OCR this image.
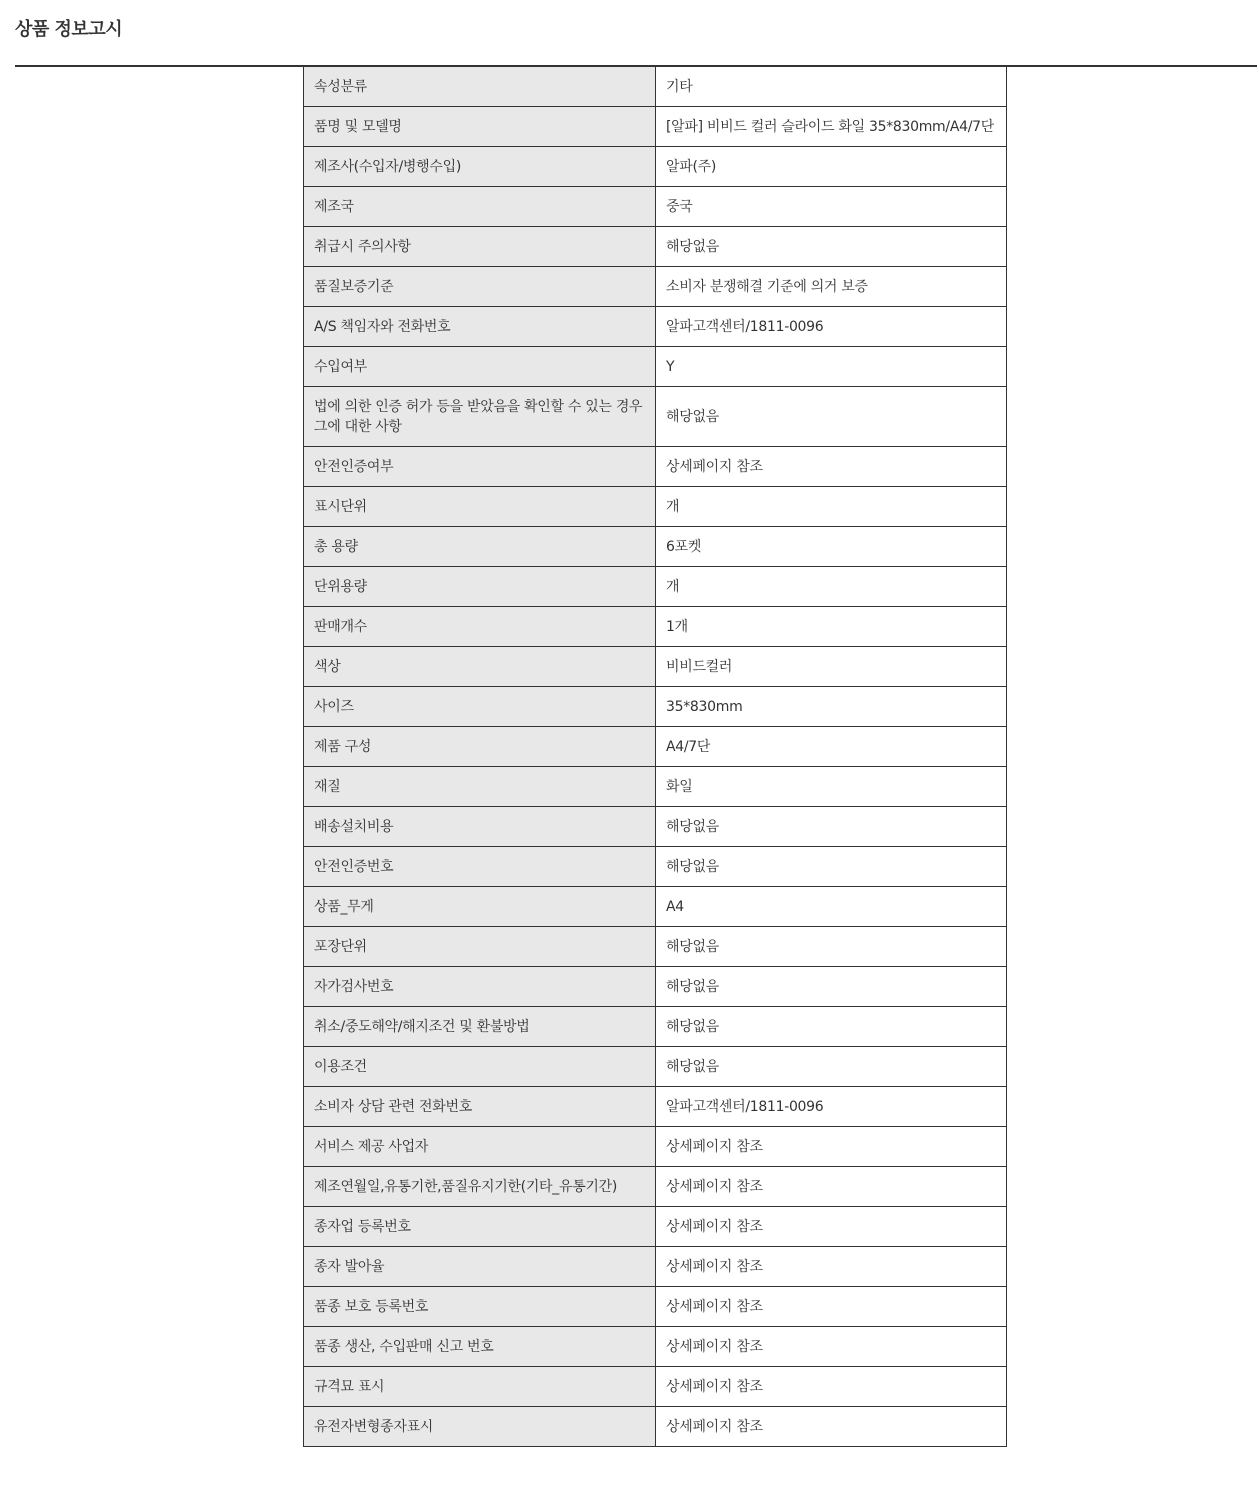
상품 정보고시
속성분류	기타
품명 및 모델명	[알파] 비비드 컬러 슬라이드 화일 35*830mm/A4/7단
제조사(수입자/병행수입)	알파(주)
제조국	중국
취급시 주의사항	해당없음
품질보증기준	소비자 분쟁해결 기준에 의거 보증
A/S 책임자와 전화번호	알파고객센터/1811-0096
수입여부	Y
법에 의한 인증 허가 등을 받았음을 확인할 수 있는 경우 그에 대한 사항	해당없음
안전인증여부	상세페이지 참조
표시단위	개
총 용량	6포켓
단위용량	개
판매개수	1개
색상	비비드컬러
사이즈	35*830mm
제품 구성	A4/7단
재질	화일
배송설치비용	해당없음
안전인증번호	해당없음
상품_무게	A4
포장단위	해당없음
자가검사번호	해당없음
취소/중도해약/해지조건 및 환불방법	해당없음
이용조건	해당없음
소비자 상담 관련 전화번호	알파고객센터/1811-0096
서비스 제공 사업자	상세페이지 참조
제조연월일,유통기한,품질유지기한(기타_유통기간)	상세페이지 참조
종자업 등록번호	상세페이지 참조
종자 발아율	상세페이지 참조
품종 보호 등록번호	상세페이지 참조
품종 생산, 수입판매 신고 번호	상세페이지 참조
규격묘 표시	상세페이지 참조
유전자변형종자표시	상세페이지 참조
